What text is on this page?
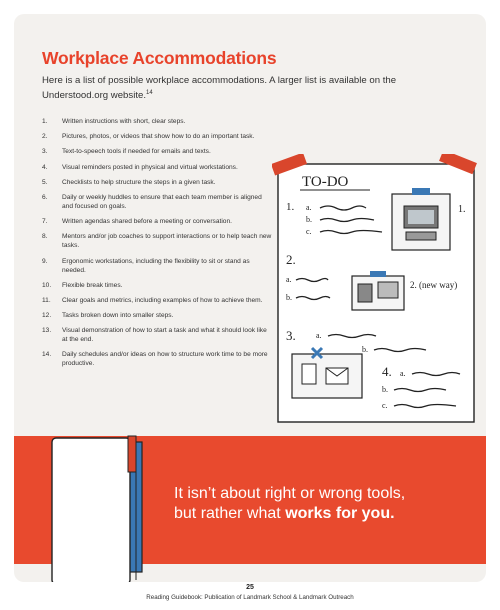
Workplace Accommodations

Here is a list of possible workplace accommodations. A larger list is available on the Understood.org website.$^{14}$

1. Written instructions with short, clear steps.
2. Pictures, photos, or videos that show how to do an important task.
3. Text-to-speech tools if needed for emails and texts.
4. Visual reminders posted in physical and virtual workstations.
5. Checklists to help structure the steps in a given task.
6. Daily or weekly huddles to ensure that each team member is aligned and focused on goals.
7. Written agendas shared before a meeting or conversation.
8. Mentors and/or job coaches to support interactions or to help teach new tasks.
9. Ergonomic workstations, including the flexibility to sit or stand as needed.
10. Flexible break times.
11. Clear goals and metrics, including examples of how to achieve them.
12. Tasks broken down into smaller steps.
13. Visual demonstration of how to start a task and what it should look like at the end.
14. Daily schedules and/or ideas on how to structure work time to be more productive.
TO-DO
1. a.
b.
c.
1.
2.
a.
b.
2. (new way)
3.	a.
b.
4. a.
b.
c.

It isn’t about right or wrong tools,
but rather what works for you.

25
Reading Guidebook: Publication of Landmark School & Landmark Outreach
